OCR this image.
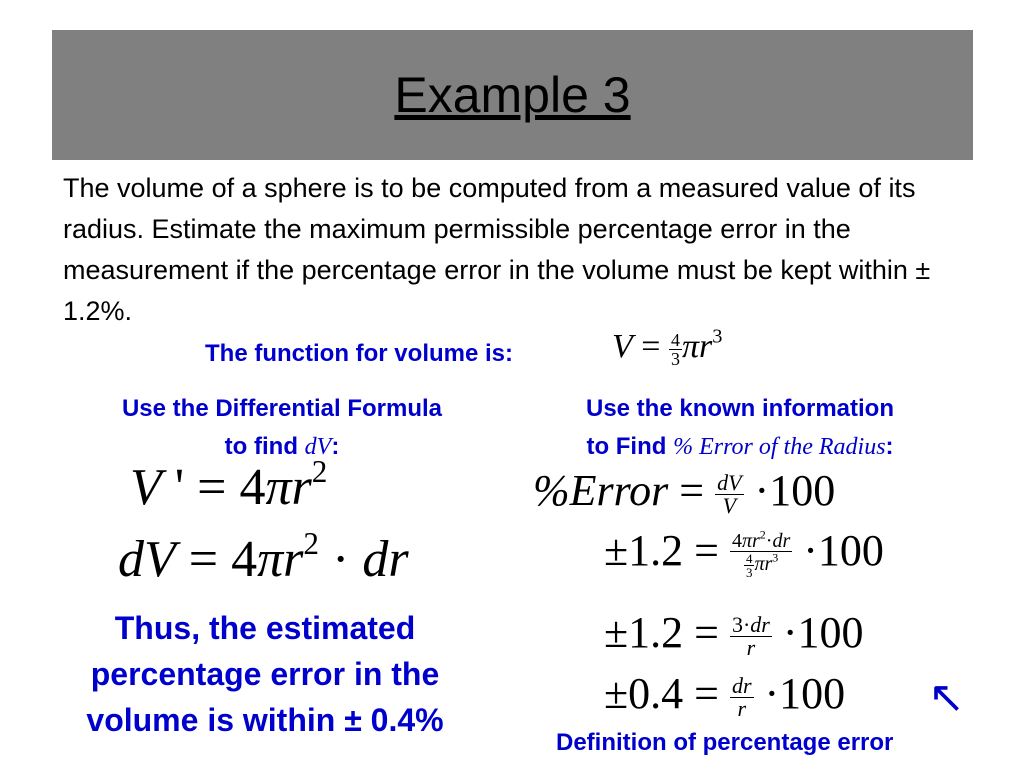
Example 3
The volume of a sphere is to be computed from a measured value of its radius. Estimate the maximum permissible percentage error in the measurement if the percentage error in the volume must be kept within ± 1.2%.
The function for volume is:	$V = \frac{4}{3} \pi r^3$
Use the Differential Formula
to find dV:
Use the known information
to Find % Error of the Radius:
V ' = $4\pi r^2$
dV = $4\pi r^2$ · dr
Thus, the estimated
percentage error in the
volume is within ± 0.4%
%Error = $\frac{dV}{V} \cdot 100$
$\pm 1.2 = \frac{4\pi r^2\cdot dr}{\frac{4}{3} \pi r^3} \cdot 100$
$\pm 1.2 = \frac{3\cdot dr}{r} \cdot 100$
$\pm 0.4 = \frac{dr}{r} \cdot 100$ ↖
Definition of percentage error
